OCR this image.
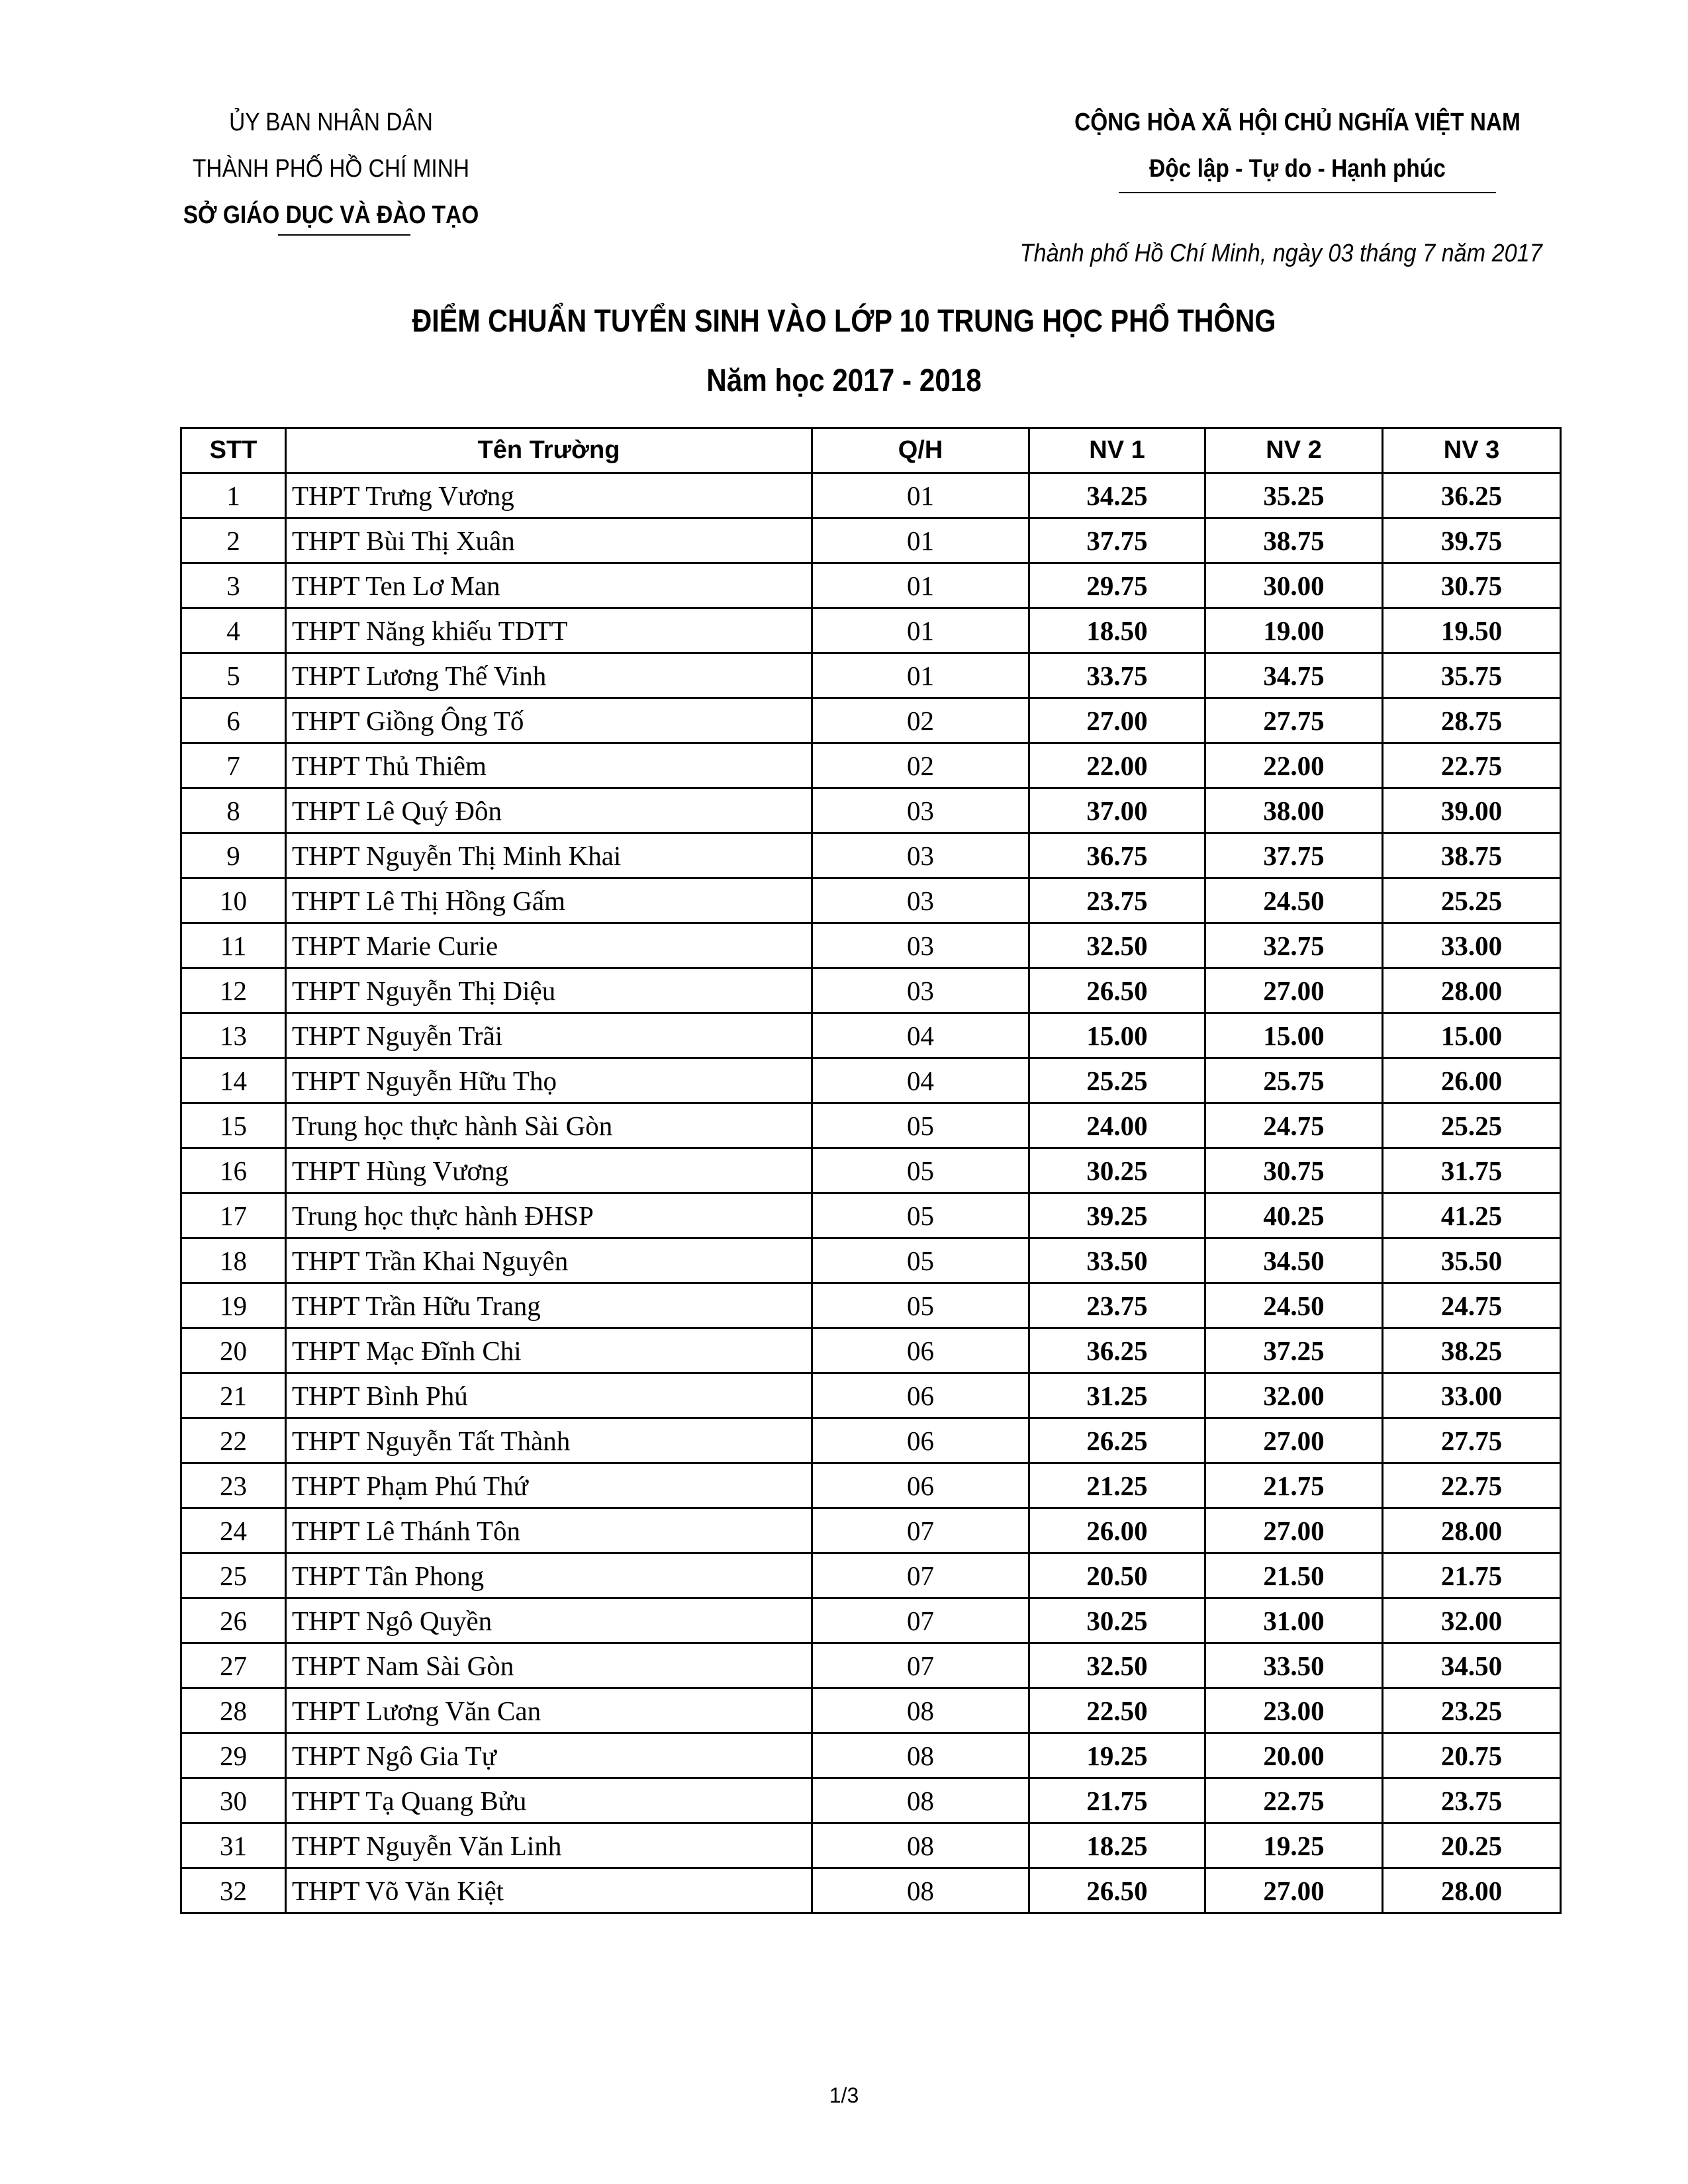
ỦY BAN NHÂN DÂN
THÀNH PHỐ HỒ CHÍ MINH
SỞ GIÁO DỤC VÀ ĐÀO TẠO
CỘNG HÒA XÃ HỘI CHỦ NGHĨA VIỆT NAM
Độc lập - Tự do - Hạnh phúc
Thành phố Hồ Chí Minh, ngày 03 tháng 7 năm 2017
ĐIỂM CHUẨN TUYỂN SINH VÀO LỚP 10 TRUNG HỌC PHỔ THÔNG
Năm học 2017 - 2018
STT	Tên Trường	Q/H	NV 1	NV 2	NV 3
1	THPT Trưng Vương	01	34.25	35.25	36.25
2	THPT Bùi Thị Xuân	01	37.75	38.75	39.75
3	THPT Ten Lơ Man	01	29.75	30.00	30.75
4	THPT Năng khiếu TDTT	01	18.50	19.00	19.50
5	THPT Lương Thế Vinh	01	33.75	34.75	35.75
6	THPT Giồng Ông Tố	02	27.00	27.75	28.75
7	THPT Thủ Thiêm	02	22.00	22.00	22.75
8	THPT Lê Quý Đôn	03	37.00	38.00	39.00
9	THPT Nguyễn Thị Minh Khai	03	36.75	37.75	38.75
10	THPT Lê Thị Hồng Gấm	03	23.75	24.50	25.25
11	THPT Marie Curie	03	32.50	32.75	33.00
12	THPT Nguyễn Thị Diệu	03	26.50	27.00	28.00
13	THPT Nguyễn Trãi	04	15.00	15.00	15.00
14	THPT Nguyễn Hữu Thọ	04	25.25	25.75	26.00
15	Trung học thực hành Sài Gòn	05	24.00	24.75	25.25
16	THPT Hùng Vương	05	30.25	30.75	31.75
17	Trung học thực hành ĐHSP	05	39.25	40.25	41.25
18	THPT Trần Khai Nguyên	05	33.50	34.50	35.50
19	THPT Trần Hữu Trang	05	23.75	24.50	24.75
20	THPT Mạc Đĩnh Chi	06	36.25	37.25	38.25
21	THPT Bình Phú	06	31.25	32.00	33.00
22	THPT Nguyễn Tất Thành	06	26.25	27.00	27.75
23	THPT Phạm Phú Thứ	06	21.25	21.75	22.75
24	THPT Lê Thánh Tôn	07	26.00	27.00	28.00
25	THPT Tân Phong	07	20.50	21.50	21.75
26	THPT Ngô Quyền	07	30.25	31.00	32.00
27	THPT Nam Sài Gòn	07	32.50	33.50	34.50
28	THPT Lương Văn Can	08	22.50	23.00	23.25
29	THPT Ngô Gia Tự	08	19.25	20.00	20.75
30	THPT Tạ Quang Bửu	08	21.75	22.75	23.75
31	THPT Nguyễn Văn Linh	08	18.25	19.25	20.25
32	THPT Võ Văn Kiệt	08	26.50	27.00	28.00
1/3
